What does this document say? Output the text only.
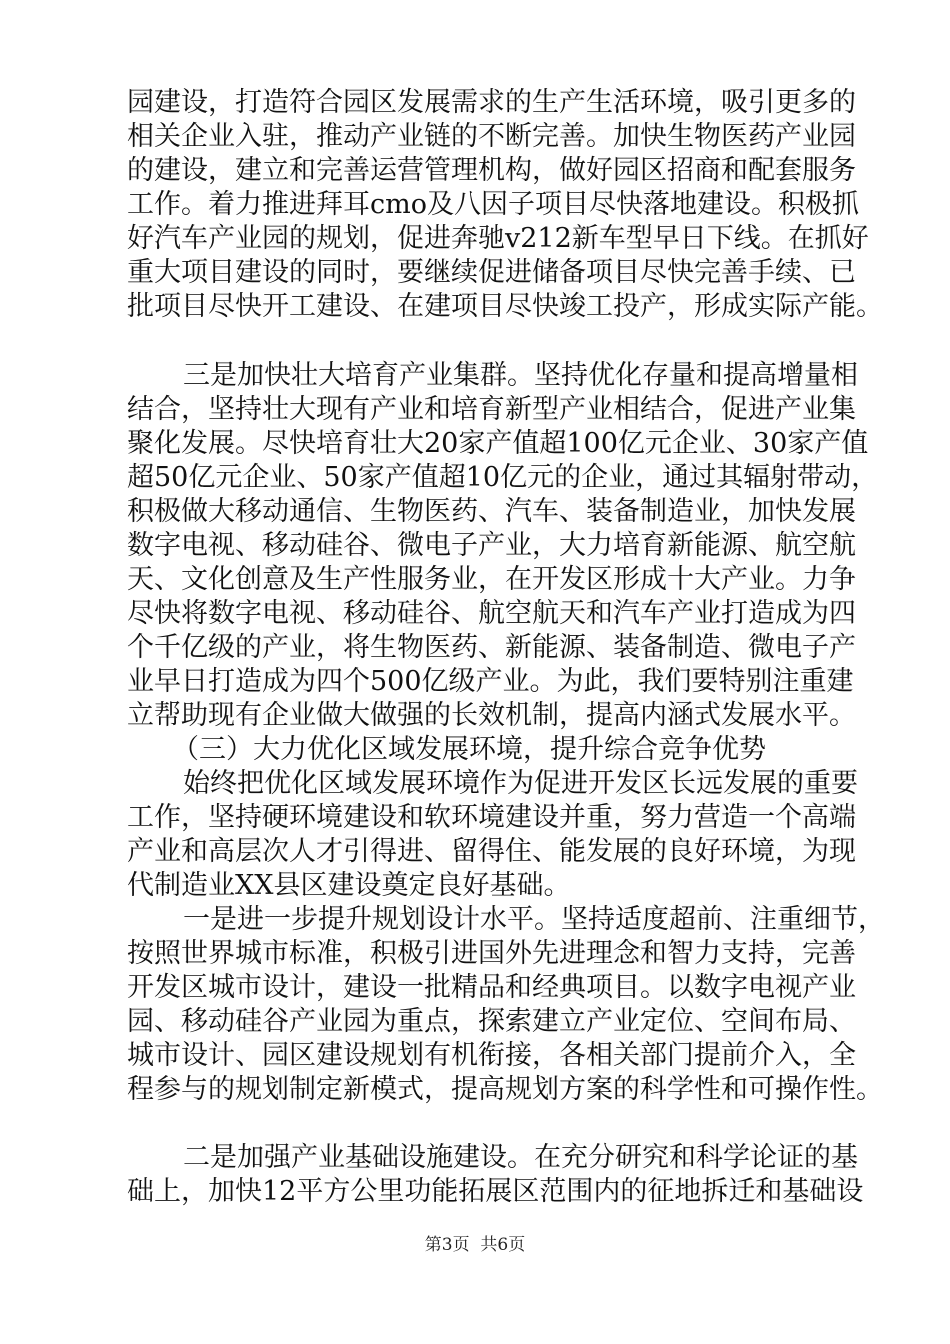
园建设，打造符合园区发展需求的生产生活环境，吸引更多的
相关企业入驻，推动产业链的不断完善。加快生物医药产业园
的建设，建立和完善运营管理机构，做好园区招商和配套服务
工作。着力推进拜耳cmo及八因子项目尽快落地建设。积极抓
好汽车产业园的规划，促进奔驰v212新车型早日下线。在抓好
重大项目建设的同时，要继续促进储备项目尽快完善手续、已
批项目尽快开工建设、在建项目尽快竣工投产，形成实际产能。
三是加快壮大培育产业集群。坚持优化存量和提高增量相
结合，坚持壮大现有产业和培育新型产业相结合，促进产业集
聚化发展。尽快培育壮大20家产值超100亿元企业、30家产值
超50亿元企业、50家产值超10亿元的企业，通过其辐射带动，
积极做大移动通信、生物医药、汽车、装备制造业，加快发展
数字电视、移动硅谷、微电子产业，大力培育新能源、航空航
天、文化创意及生产性服务业，在开发区形成十大产业。力争
尽快将数字电视、移动硅谷、航空航天和汽车产业打造成为四
个千亿级的产业，将生物医药、新能源、装备制造、微电子产
业早日打造成为四个500亿级产业。为此，我们要特别注重建
立帮助现有企业做大做强的长效机制，提高内涵式发展水平。
（三）大力优化区域发展环境，提升综合竞争优势
始终把优化区域发展环境作为促进开发区长远发展的重要
工作，坚持硬环境建设和软环境建设并重，努力营造一个高端
产业和高层次人才引得进、留得住、能发展的良好环境，为现
代制造业XX县区建设奠定良好基础。
一是进一步提升规划设计水平。坚持适度超前、注重细节，
按照世界城市标准，积极引进国外先进理念和智力支持，完善
开发区城市设计，建设一批精品和经典项目。以数字电视产业
园、移动硅谷产业园为重点，探索建立产业定位、空间布局、
城市设计、园区建设规划有机衔接，各相关部门提前介入，全
程参与的规划制定新模式，提高规划方案的科学性和可操作性。
二是加强产业基础设施建设。在充分研究和科学论证的基
础上，加快12平方公里功能拓展区范围内的征地拆迁和基础设
第3页  共6页
